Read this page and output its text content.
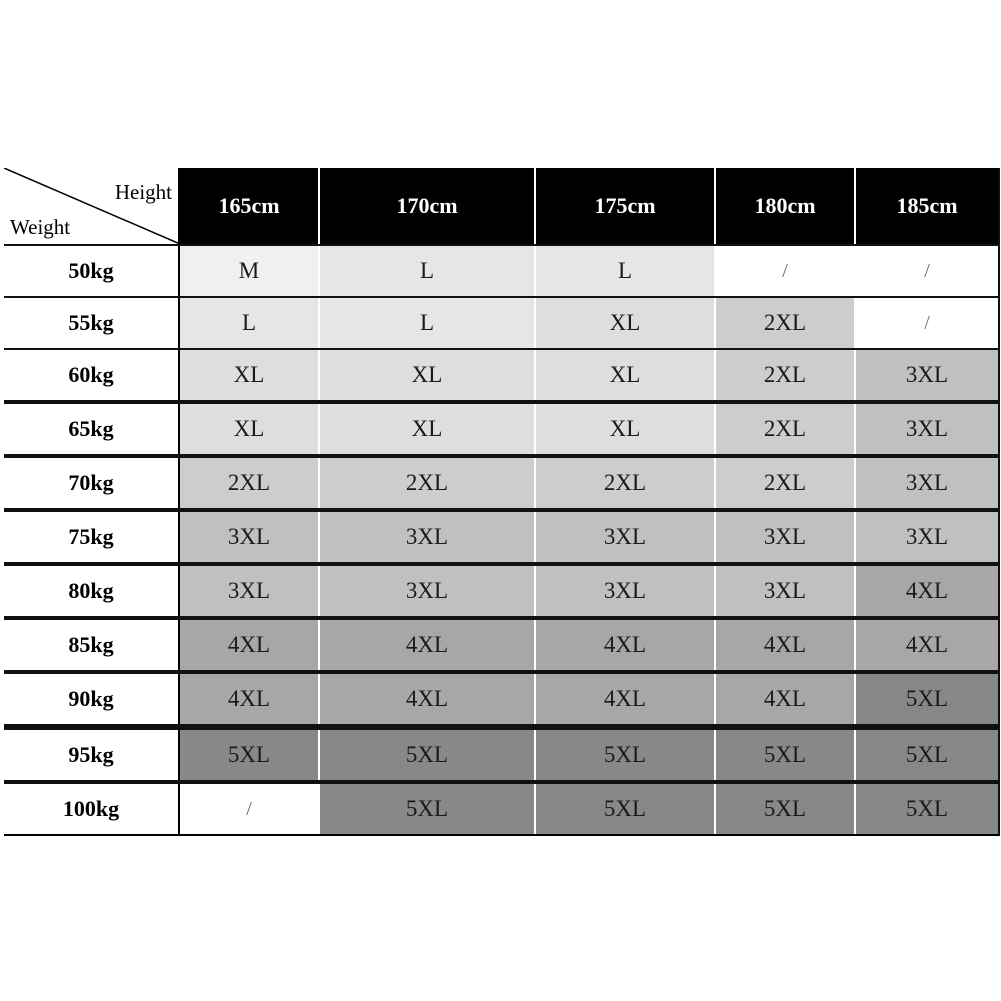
Height
Weight
165cm	170cm	175cm	180cm	185cm
50kg	M	L	L	/	/
55kg	L	L	XL	2XL	/
60kg	XL	XL	XL	2XL	3XL
65kg	XL	XL	XL	2XL	3XL
70kg	2XL	2XL	2XL	2XL	3XL
75kg	3XL	3XL	3XL	3XL	3XL
80kg	3XL	3XL	3XL	3XL	4XL
85kg	4XL	4XL	4XL	4XL	4XL
90kg	4XL	4XL	4XL	4XL	5XL
95kg	5XL	5XL	5XL	5XL	5XL
100kg	/	5XL	5XL	5XL	5XL
